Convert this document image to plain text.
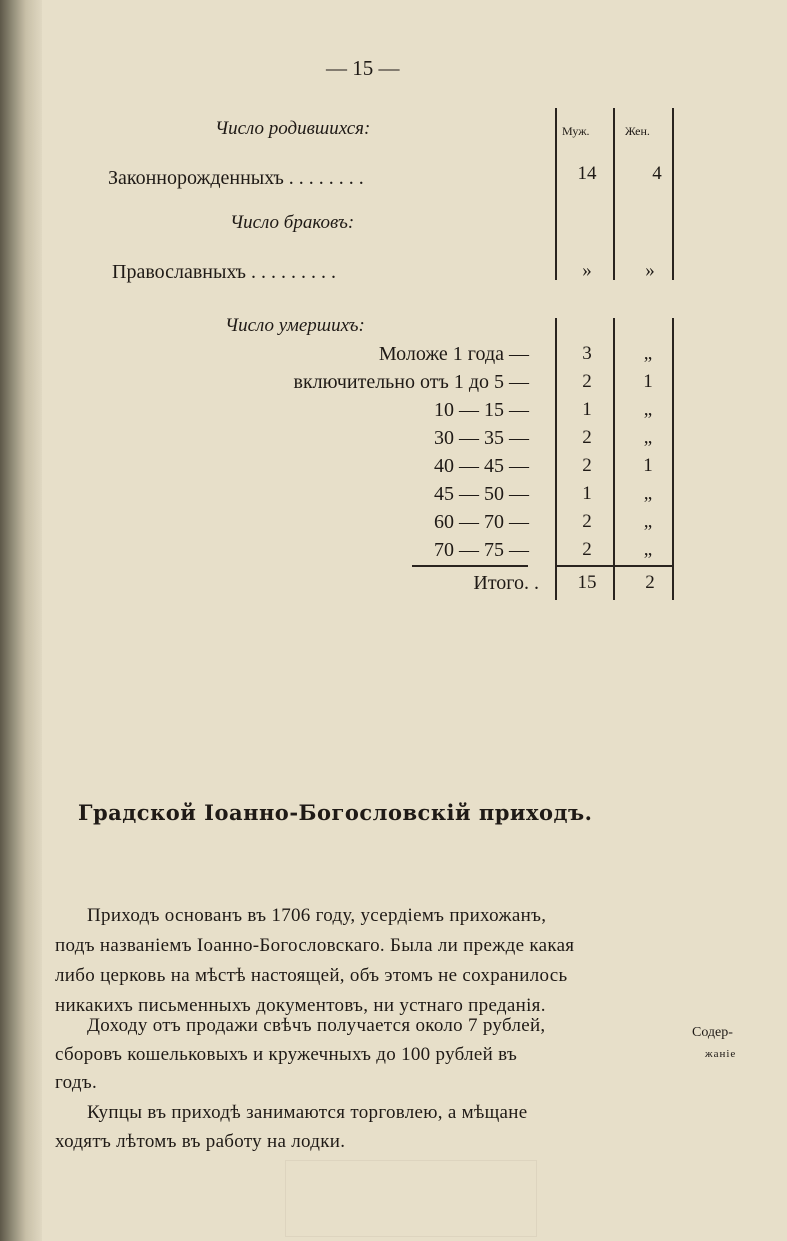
— 15 —
Число родившихся:	Муж.	Жен.
Законнорожденныхъ . . . . . . . .	14	4
Число браковъ:
Православныхъ . . . . . . . . .	»	»
Число умершихъ:
Моложе 1 года —	3	„
включительно отъ 1 до 5 —	2	1
10 — 15 —	1	„
30 — 35 —	2	„
40 — 45 —	2	1
45 — 50 —	1	„
60 — 70 —	2	„
70 — 75 —	2	„
Итого. .	15	2
Градской Іоанно-Богословскій приходъ.
Приходъ основанъ въ 1706 году, усердіемъ прихожанъ,
подъ названіемъ Іоанно-Богословскаго. Была ли прежде какая
либо церковь на мѣстѣ настоящей, объ этомъ не сохранилось
никакихъ письменныхъ документовъ, ни устнаго преданія.
Доходу отъ продажи свѣчъ получается около 7 рублей,
сборовъ кошельковыхъ и кружечныхъ до 100 рублей въ
годъ.
Купцы въ приходѣ занимаются торговлею, а мѣщане
ходятъ лѣтомъ въ работу на лодки.
Содер-
жаніе
